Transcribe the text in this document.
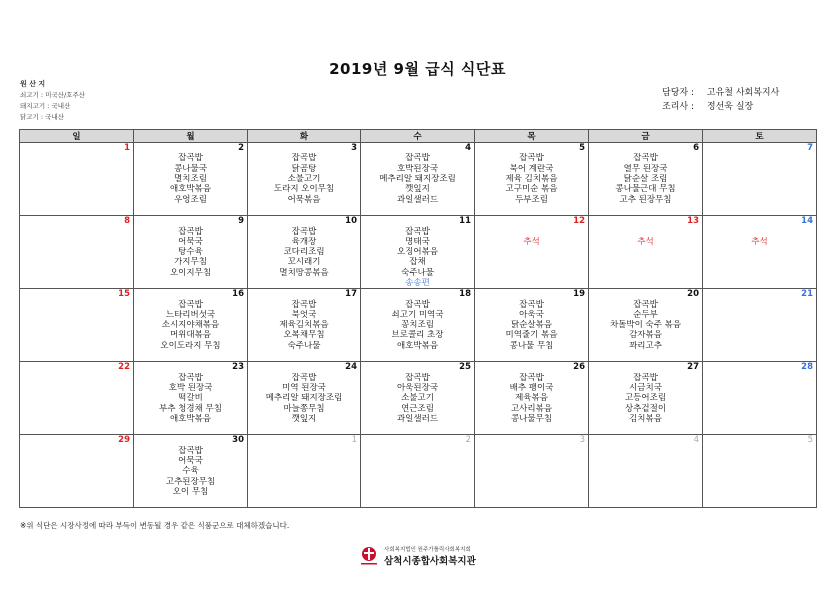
2019년 9월 급식 식단표
원 산 지
쇠고기 : 미국산/호주산
돼지고기 : 국내산
닭고기 : 국내산
담당자 : 고유철 사회복지사
조리사 : 정선욱 실장
일	월	화	수	목	금	토
1	2	3	4	5	6	7
	잡곡밥	잡곡밥	잡곡밥	잡곡밥	잡곡밥	
	콩나물국	닭곰탕	호박된장국	북어 계란국	열무 된장국	
	멸치조림	소불고기	메추리알 돼지장조림	제육 김치볶음	닭순살 조림	
	애호박볶음	도라지 오이무침	깻잎지	고구미순 볶음	콩나물근대 무침	
	우엉조림	어묵볶음	과일샐러드	두부조림	고추 된장무침	

8	9	10	11	12	13	14
	잡곡밥	잡곡밥	잡곡밥			
	어묵국	육개장	명태국	추석	추석	추석
	탕수육	코다리조림	오징어볶음			
	가지무침	꼬시래기	잡채			
	오이지무침	멸치땅콩볶음	숙주나물			
			송송편			
15	16	17	18	19	20	21
	잡곡밥	잡곡밥	잡곡밥	잡곡밥	잡곡밥	
	느타리버섯국	북엇국	쇠고기 미역국	아욱국	순두부	
	소시지야채볶음	제육김치볶음	꽁치조림	닭순살볶음	차돌박이 숙주 볶음	
	머위대볶음	오복채무침	브로콜리 초장	미역줄기 볶음	감자볶음	
	오이도라지 무침	숙주나물	애호박볶음	콩나물 무침	꽈리고추	

22	23	24	25	26	27	28
	잡곡밥	잡곡밥	잡곡밥	잡곡밥	잡곡밥	
	호박 된장국	미역 된장국	아욱된장국	배추 팽이국	시금치국	
	떡갈비	메추리알 돼지장조림	소불고기	제육볶음	고등어조림	
	부추 청경채 무침	마늘쫑무침	연근조림	고사리볶음	상추겉절이	
	애호박볶음	깻잎지	과일샐러드	콩나물무침	김치볶음	

29	30	1	2	3	4	5
	잡곡밥					
	어묵국					
	수육					
	고추된장무침					
	오이 무침					

※위 식단은 시장사정에 따라 부득이 변동될 경우 같은 식품군으로 대체하겠습니다.
사회복지법인 원주가톨릭사회복지회
삼척시종합사회복지관
